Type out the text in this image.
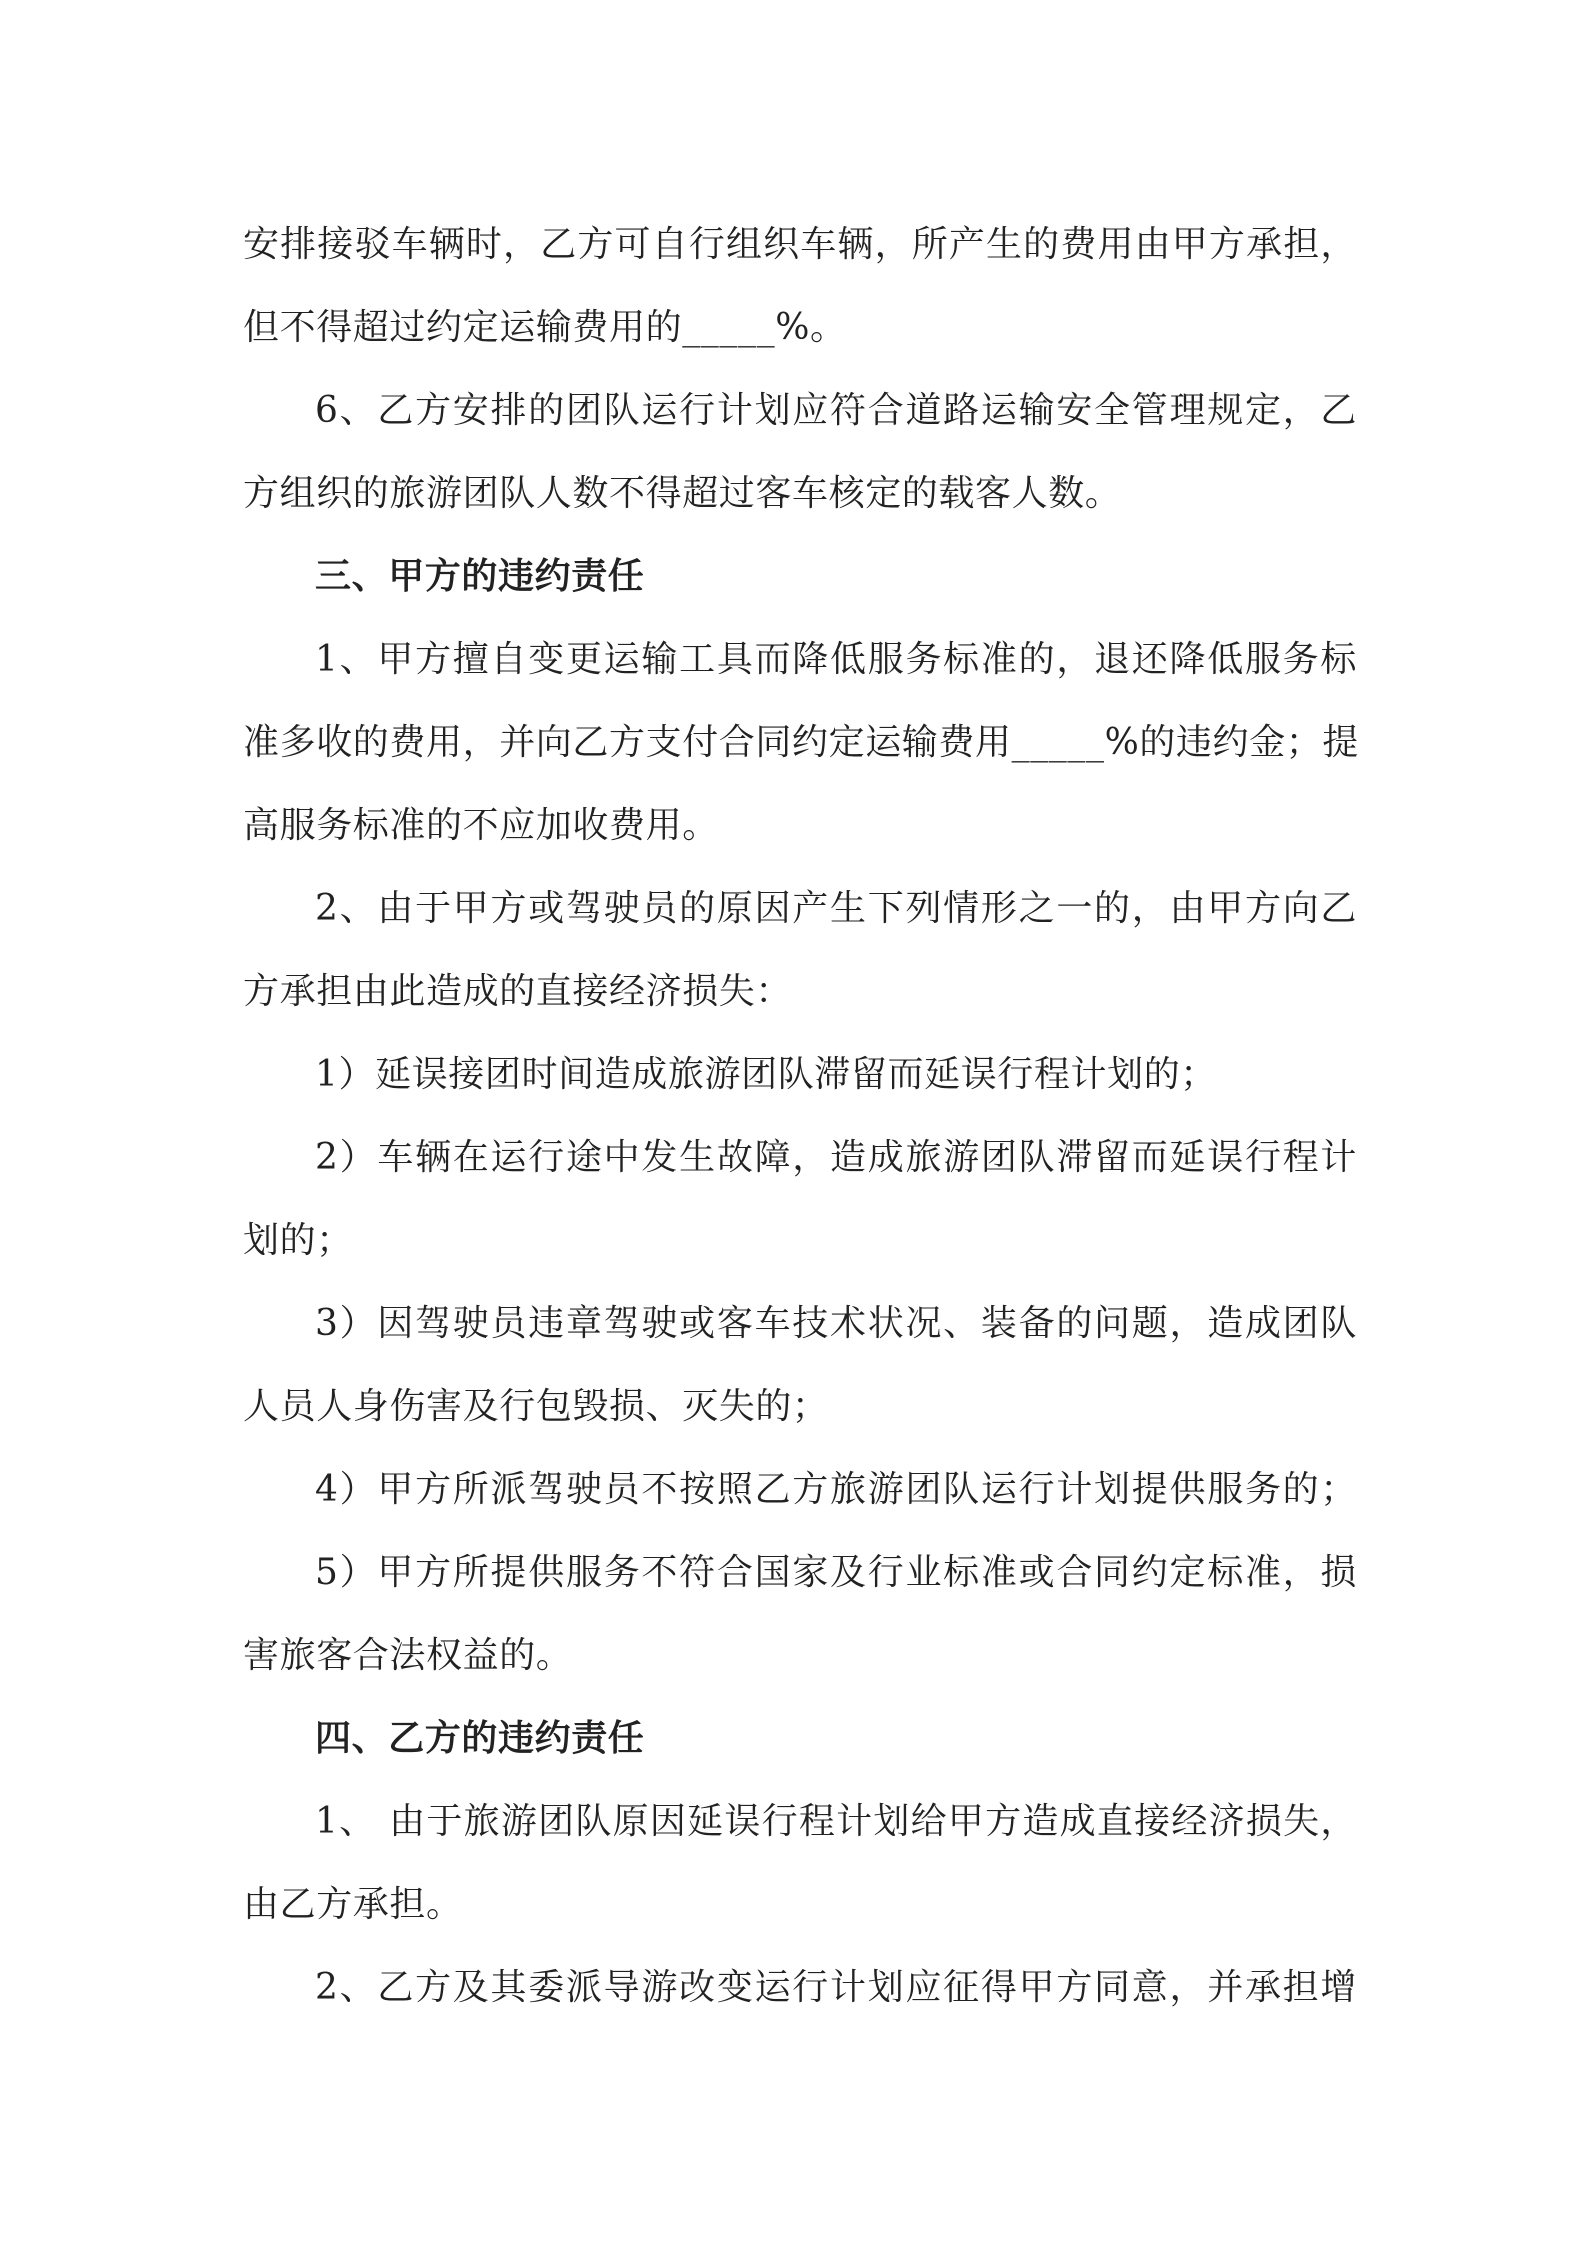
安排接驳车辆时，乙方可自行组织车辆，所产生的费用由甲方承担，
但不得超过约定运输费用的_____%。
6、乙方安排的团队运行计划应符合道路运输安全管理规定，乙
方组织的旅游团队人数不得超过客车核定的载客人数。
三、甲方的违约责任
1、甲方擅自变更运输工具而降低服务标准的，退还降低服务标
准多收的费用，并向乙方支付合同约定运输费用_____%的违约金；提
高服务标准的不应加收费用。
2、由于甲方或驾驶员的原因产生下列情形之一的，由甲方向乙
方承担由此造成的直接经济损失：
1）延误接团时间造成旅游团队滞留而延误行程计划的；
2）车辆在运行途中发生故障，造成旅游团队滞留而延误行程计
划的；
3）因驾驶员违章驾驶或客车技术状况、装备的问题，造成团队
人员人身伤害及行包毁损、灭失的；
4）甲方所派驾驶员不按照乙方旅游团队运行计划提供服务的；
5）甲方所提供服务不符合国家及行业标准或合同约定标准，损
害旅客合法权益的。
四、乙方的违约责任
1、 由于旅游团队原因延误行程计划给甲方造成直接经济损失，
由乙方承担。
2、乙方及其委派导游改变运行计划应征得甲方同意，并承担增
